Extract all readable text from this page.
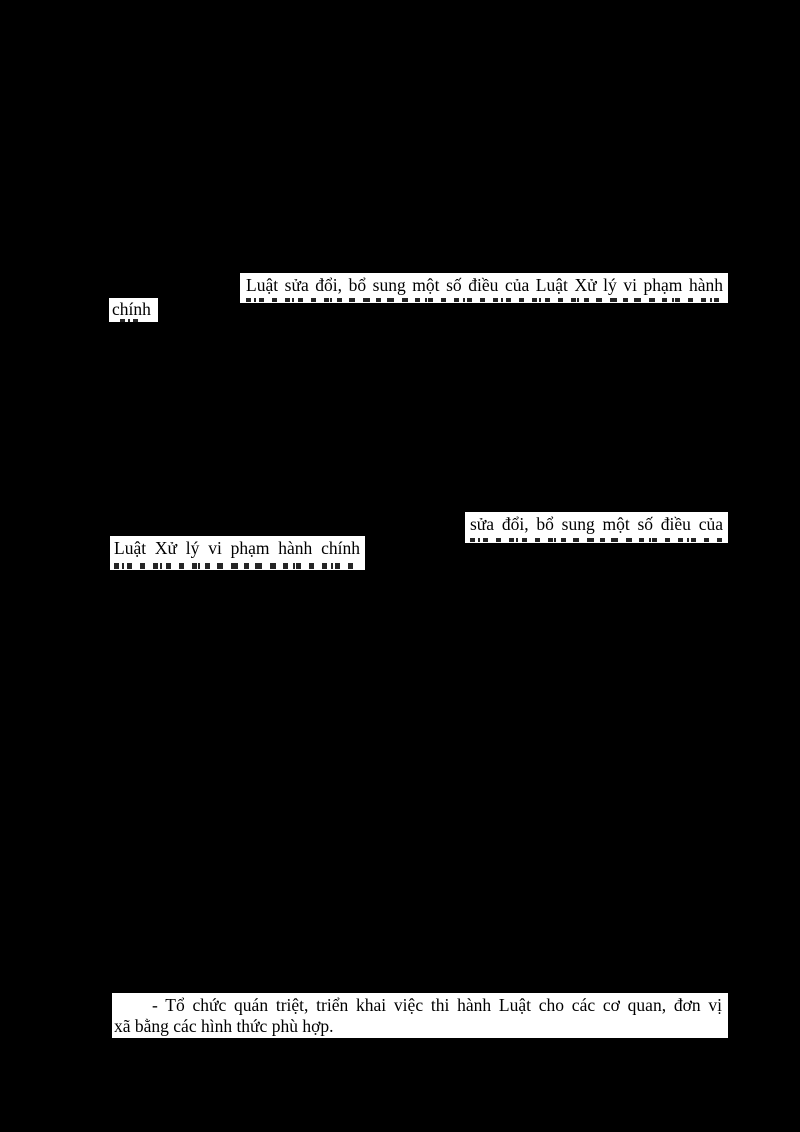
Luật sửa đổi, bổ sung một số điều của Luật Xử lý vi phạm hành
chính
sửa đổi, bổ sung một số điều của
Luật Xử lý vi phạm hành chính
- Tổ chức quán triệt, triển khai việc thi hành Luật cho các cơ quan, đơn vị
xã bằng các hình thức phù hợp.
